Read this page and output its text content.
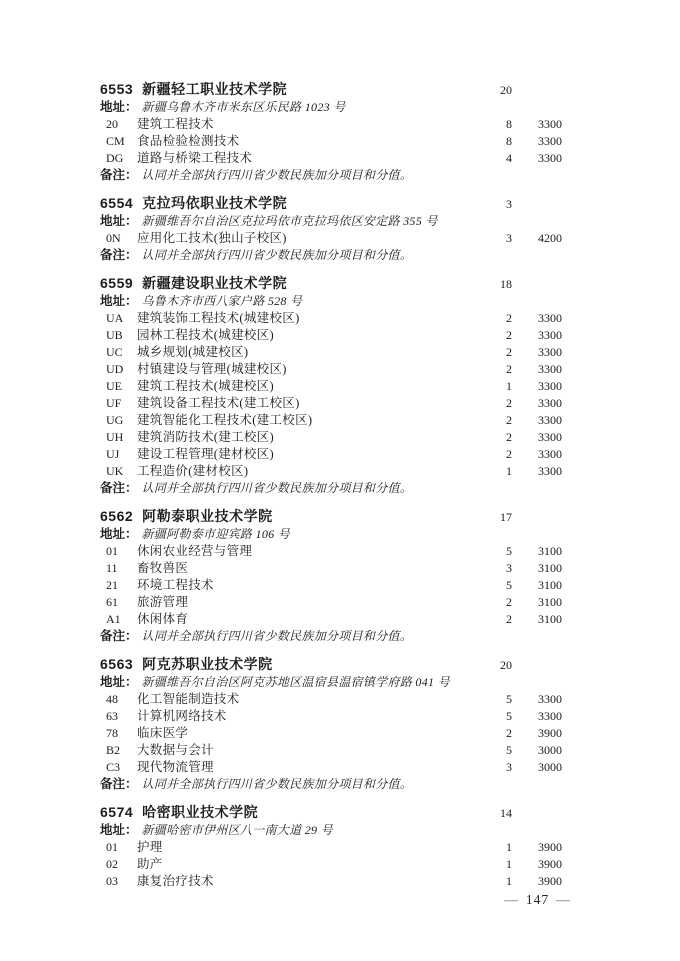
6553 新疆轻工职业技术学院	20
地址： 新疆乌鲁木齐市米东区乐民路 1023 号
20	建筑工程技术	8	3300
CM 食品检验检测技术	8	3300
DG	道路与桥梁工程技术	4	3300
备注： 认同并全部执行四川省少数民族加分项目和分值。
6554 克拉玛依职业技术学院	3
地址： 新疆维吾尔自治区克拉玛依市克拉玛依区安定路 355 号
0N	应用化工技术(独山子校区)	3	4200
备注： 认同并全部执行四川省少数民族加分项目和分值。
6559 新疆建设职业技术学院	18
地址： 乌鲁木齐市西八家户路 528 号
UA	建筑装饰工程技术(城建校区)	2	3300
UB	园林工程技术(城建校区)	2	3300
UC	城乡规划(城建校区)	2	3300
UD	村镇建设与管理(城建校区)	2	3300
UE	建筑工程技术(城建校区)	1	3300
UF	建筑设备工程技术(建工校区)	2	3300
UG	建筑智能化工程技术(建工校区)	2	3300
UH	建筑消防技术(建工校区)	2	3300
UJ	建设工程管理(建材校区)	2	3300
UK	工程造价(建材校区)	1	3300
备注： 认同并全部执行四川省少数民族加分项目和分值。
6562 阿勒泰职业技术学院	17
地址： 新疆阿勒泰市迎宾路 106 号
01	休闲农业经营与管理	5	3100
11	畜牧兽医	3	3100
21	环境工程技术	5	3100
61	旅游管理	2	3100
A1	休闲体育	2	3100
备注： 认同并全部执行四川省少数民族加分项目和分值。
6563 阿克苏职业技术学院	20
地址： 新疆维吾尔自治区阿克苏地区温宿县温宿镇学府路 041 号
48	化工智能制造技术	5	3300
63	计算机网络技术	5	3300
78	临床医学	2	3900
B2	大数据与会计	5	3000
C3	现代物流管理	3	3000
备注： 认同并全部执行四川省少数民族加分项目和分值。
6574 哈密职业技术学院	14
地址： 新疆哈密市伊州区八一南大道 29 号
01	护理	1	3900
02	助产	1	3900
03	康复治疗技术	1	3900
— 147 —
